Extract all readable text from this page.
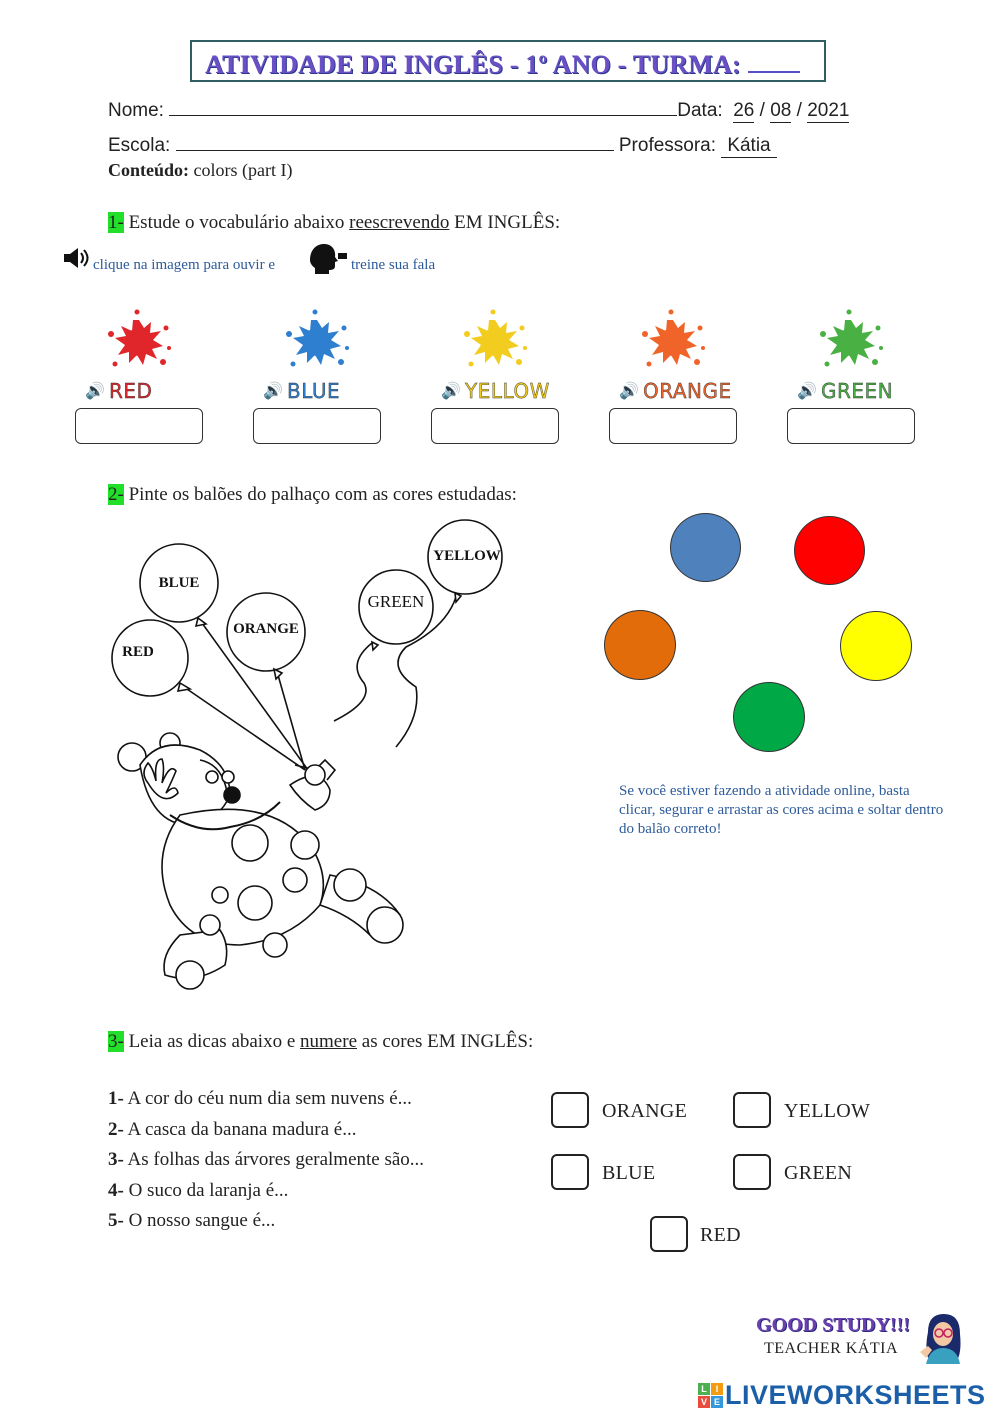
ATIVIDADE DE INGLÊS - 1º ANO - TURMA:
Nome:	Data: 26 / 08 / 2021
Escola:	Professora: Kátia
Conteúdo: colors (part I)
1- Estude o vocabulário abaixo reescrevendo EM INGLÊS:
clique na imagem para ouvir e	treine sua fala
🔊 RED	🔊 BLUE	🔊 YELLOW	🔊 ORANGE	🔊 GREEN
2- Pinte os balões do palhaço com as cores estudadas:
BLUE
ORANGE
RED
GREEN
YELLOW
Se você estiver fazendo a atividade online, basta clicar, segurar e arrastar as cores acima e soltar dentro do balão correto!
3- Leia as dicas abaixo e numere as cores EM INGLÊS:
1- A cor do céu num dia sem nuvens é...
2- A casca da banana madura é...
3- As folhas das árvores geralmente são...
4- O suco da laranja é...
5- O nosso sangue é...
ORANGE	YELLOW
BLUE	GREEN
RED
GOOD STUDY!!!
TEACHER KÁTIA
L I
V E LIVEWORKSHEETS
